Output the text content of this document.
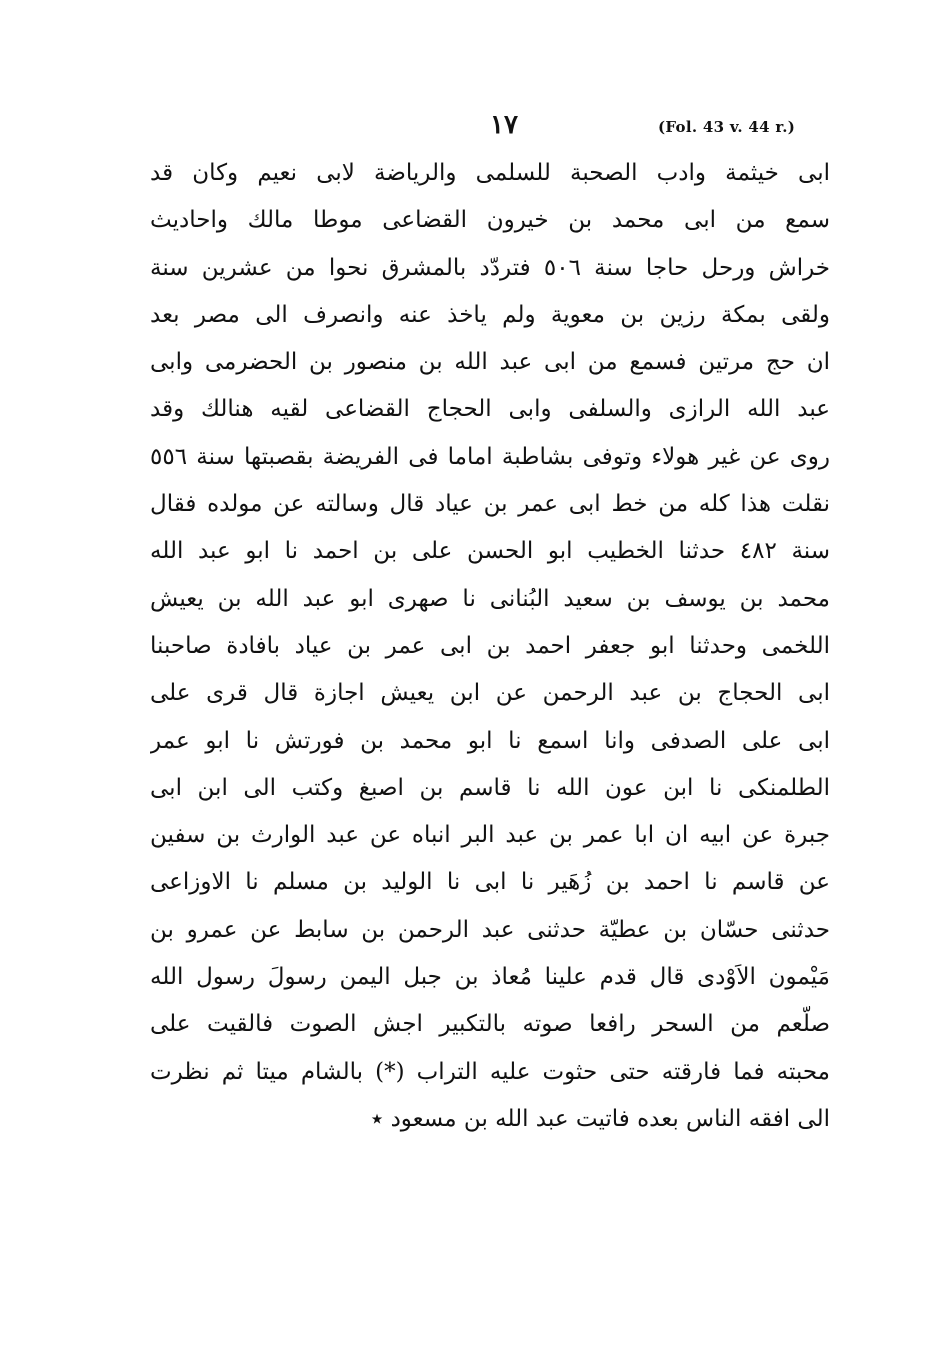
١٧	(Fol. 43 v. 44 r.)
ابى خيثمة وادب الصحبة للسلمى والرياضة لابى نعيم وكان قد
سمع من ابى محمد بن خيرون القضاعى موطا مالك واحاديث
خراش ورحل حاجا سنة ٥٠٦ فتردّد بالمشرق نحوا من عشرين سنة
ولقى بمكة رزين بن معوية ولم ياخذ عنه وانصرف الى مصر بعد
ان حج مرتين فسمع من ابى عبد الله بن منصور بن الحضرمى وابى
عبد الله الرازى والسلفى وابى الحجاج القضاعى لقيه هنالك وقد
روى عن غير هولاء وتوفى بشاطبة اماما فى الفريضة بقصبتها سنة ٥٥٦
نقلت هذا كله من خط ابى عمر بن عياد قال وسالته عن مولده فقال
سنة ٤٨٢ حدثنا الخطيب ابو الحسن على بن احمد نا ابو عبد الله
محمد بن يوسف بن سعيد البُنانى نا صهرى ابو عبد الله بن يعيش
اللخمى وحدثنا ابو جعفر احمد بن ابى عمر بن عياد بافادة صاحبنا
ابى الحجاج بن عبد الرحمن عن ابن يعيش اجازة قال قرى على
ابى على الصدفى وانا اسمع نا ابو محمد بن فورتش نا ابو عمر
الطلمنكى نا ابن عون الله نا قاسم بن اصبغ وكتب الى ابن ابى
جبرة عن ابيه ان ابا عمر بن عبد البر انباه عن عبد الوارث بن سفين
عن قاسم نا احمد بن زُهَير نا ابى نا الوليد بن مسلم نا الاوزاعى
حدثنى حسّان بن عطيّة حدثنى عبد الرحمن بن سابط عن عمرو بن
مَيْمون الاَوْدى قال قدم علينا مُعاذ بن جبل اليمن رسولَ رسول الله
صلّعم من السحر رافعا صوته بالتكبير اجش الصوت فالقيت على
محبته فما فارقته حتى حثوت عليه التراب (*) بالشام ميتا ثم نظرت
الى افقه الناس بعده فاتيت عبد الله بن مسعود ٭
